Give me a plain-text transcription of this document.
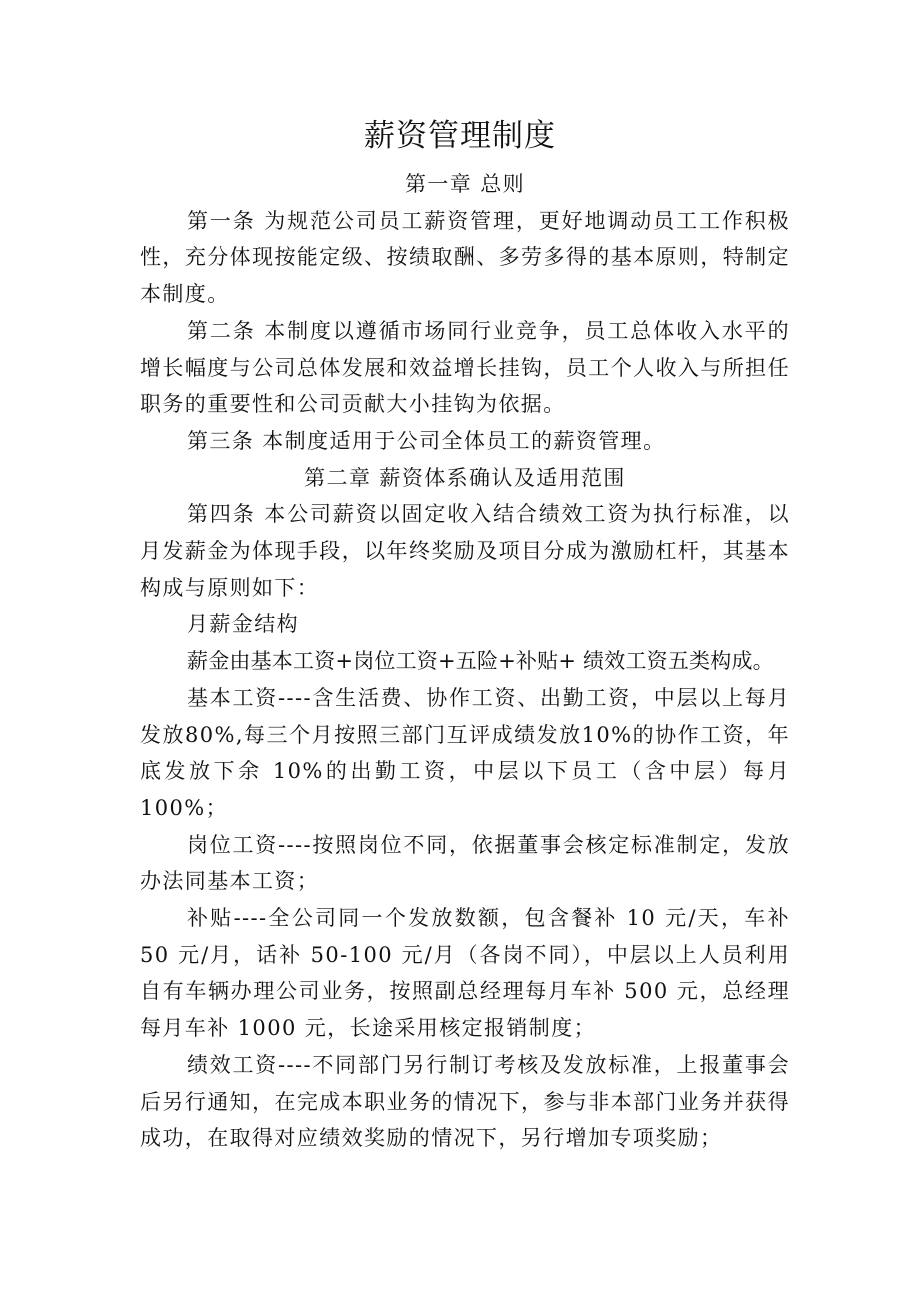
薪资管理制度

第一章 总则

第一条 为规范公司员工薪资管理，更好地调动员工工作积极性，充分体现按能定级、按绩取酬、多劳多得的基本原则，特制定本制度。

第二条 本制度以遵循市场同行业竞争，员工总体收入水平的增长幅度与公司总体发展和效益增长挂钩，员工个人收入与所担任职务的重要性和公司贡献大小挂钩为依据。

第三条 本制度适用于公司全体员工的薪资管理。

第二章 薪资体系确认及适用范围

第四条 本公司薪资以固定收入结合绩效工资为执行标准，以月发薪金为体现手段，以年终奖励及项目分成为激励杠杆，其基本构成与原则如下：

月薪金结构

薪金由基本工资+岗位工资+五险+补贴+ 绩效工资五类构成。

基本工资----含生活费、协作工资、出勤工资，中层以上每月发放80%,每三个月按照三部门互评成绩发放10%的协作工资，年底发放下余 10%的出勤工资，中层以下员工（含中层）每月100%；

岗位工资----按照岗位不同，依据董事会核定标准制定，发放办法同基本工资；

补贴----全公司同一个发放数额，包含餐补 10 元/天，车补 50 元/月，话补 50-100 元/月（各岗不同），中层以上人员利用自有车辆办理公司业务，按照副总经理每月车补 500 元，总经理每月车补 1000 元，长途采用核定报销制度；

绩效工资----不同部门另行制订考核及发放标准，上报董事会后另行通知，在完成本职业务的情况下，参与非本部门业务并获得成功，在取得对应绩效奖励的情况下，另行增加专项奖励；
